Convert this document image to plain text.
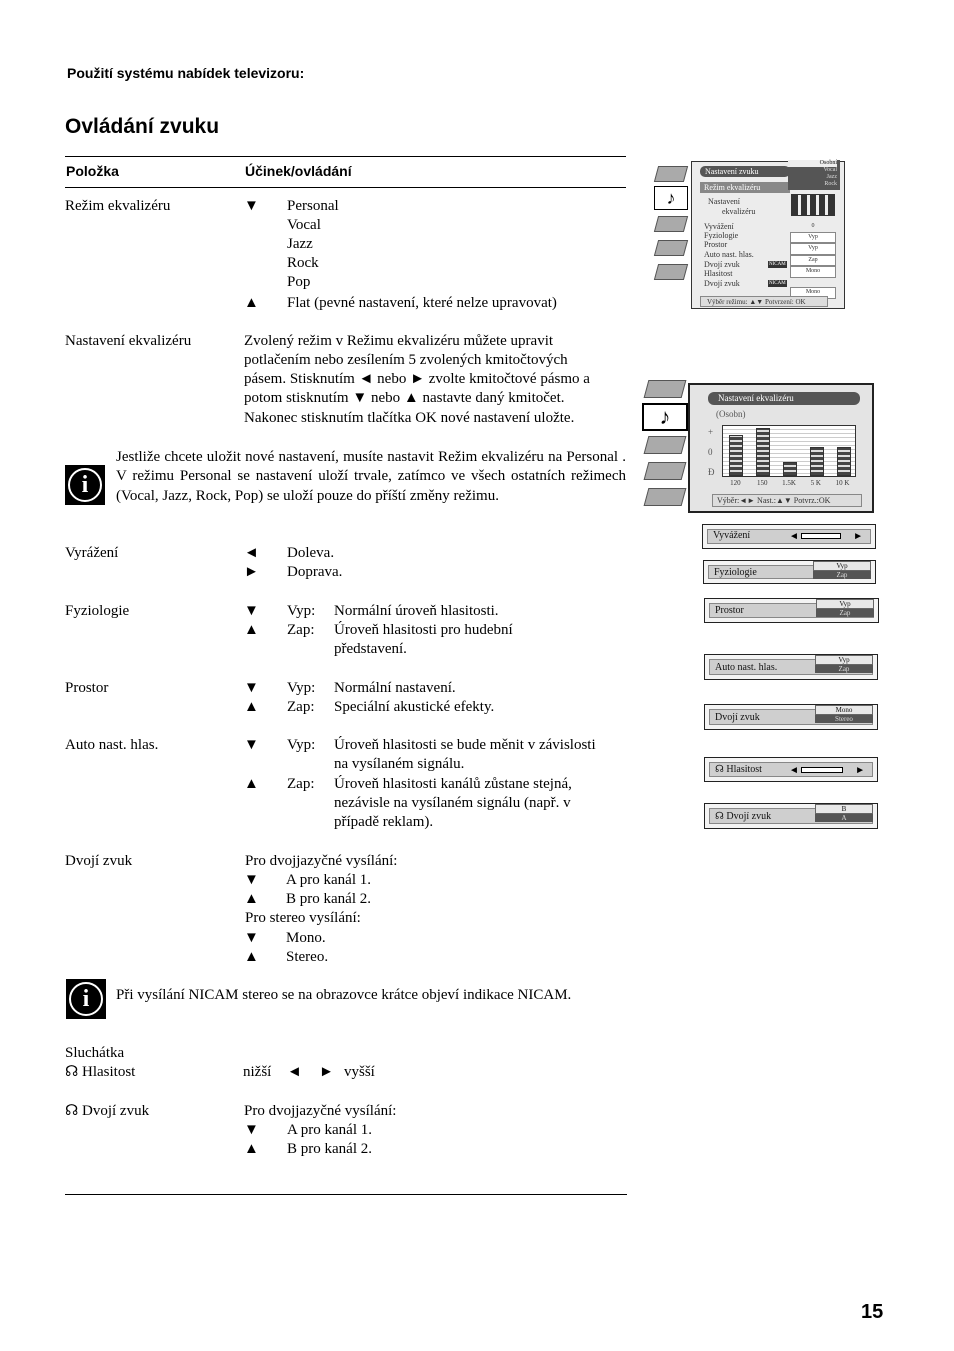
Použití systému nabídek televizoru:
Ovládání zvuku
Položka	Účinek/ovládání
Režim ekvalizéru	▼ Personal
Vocal
Jazz
Rock
Pop
▲ Flat (pevné nastavení, které nelze upravovat)
Nastavení ekvalizéru	Zvolený režim v Režimu ekvalizéru můžete upravit
potlačením nebo zesílením 5 zvolených kmitočtových
pásem. Stisknutím ◄ nebo ► zvolte kmitočtové pásmo a
potom stisknutím ▼ nebo ▲ nastavte daný kmitočet.
Nakonec stisknutím tlačítka OK nové nastavení uložte.
i
Jestliže chcete uložit nové nastavení, musíte nastavit Režim ekvalizéru na Personal . V režimu Personal se nastavení uloží trvale, zatímco ve všech ostatních režimech (Vocal, Jazz, Rock, Pop) se uloží pouze do příští změny režimu.
Vyrážení	◄ Doleva.
► Doprava.
Fyziologie	▼ Vyp: Normální úroveň hlasitosti.
▲ Zap: Úroveň hlasitosti pro hudební
představení.
Prostor	▼ Vyp: Normální nastavení.
▲ Zap: Speciální akustické efekty.
Auto nast. hlas.	▼ Vyp: Úroveň hlasitosti se bude měnit v závislosti
na vysílaném signálu.
▲ Zap: Úroveň hlasitosti kanálů zůstane stejná,
nezávisle na vysílaném signálu (např. v
případě reklam).
Dvojí zvuk	Pro dvojjazyčné vysílání:
▼ A pro kanál 1.
▲ B pro kanál 2.
Pro stereo vysílání:
▼ Mono.
▲ Stereo.
i	Při vysílání NICAM stereo se na obrazovce krátce objeví indikace NICAM.
Sluchátka
☊ Hlasitost	nižší ◄ ► vyšší
☊ Dvojí zvuk	Pro dvojjazyčné vysílání:
▼ A pro kanál 1.
▲ B pro kanál 2.
♪
Nastavení zvuku
Režim ekvalizéru
Osobní
Vocal
Jazz
Rock
Nastavení
ekvalizéru
Vyvážení
Fyziologie
Prostor
Auto nast. hlas.
Dvojí zvuk
Hlasitost
Dvojí zvuk
NICAM
NICAM
0
Vyp
Vyp
Zap
Mono
Mono
Výběr režimu: ▲▼ Potvrzení: OK
♪
Nastavení ekvalizéru
(Osobn)
+
0
Ð
120	150	1.5K	5 K	10 K
Výběr:◄► Nast.:▲▼ Potvrz.:OK
Vyvážení	◄	►
Fyziologie
Vyp
Zap
Prostor
Vyp
Zap
Auto nast. hlas.
Vyp
Zap
Dvojí zvuk
Mono
Stereo
☊ Hlasitost	◄	►
☊ Dvojí zvuk
B
A
15
